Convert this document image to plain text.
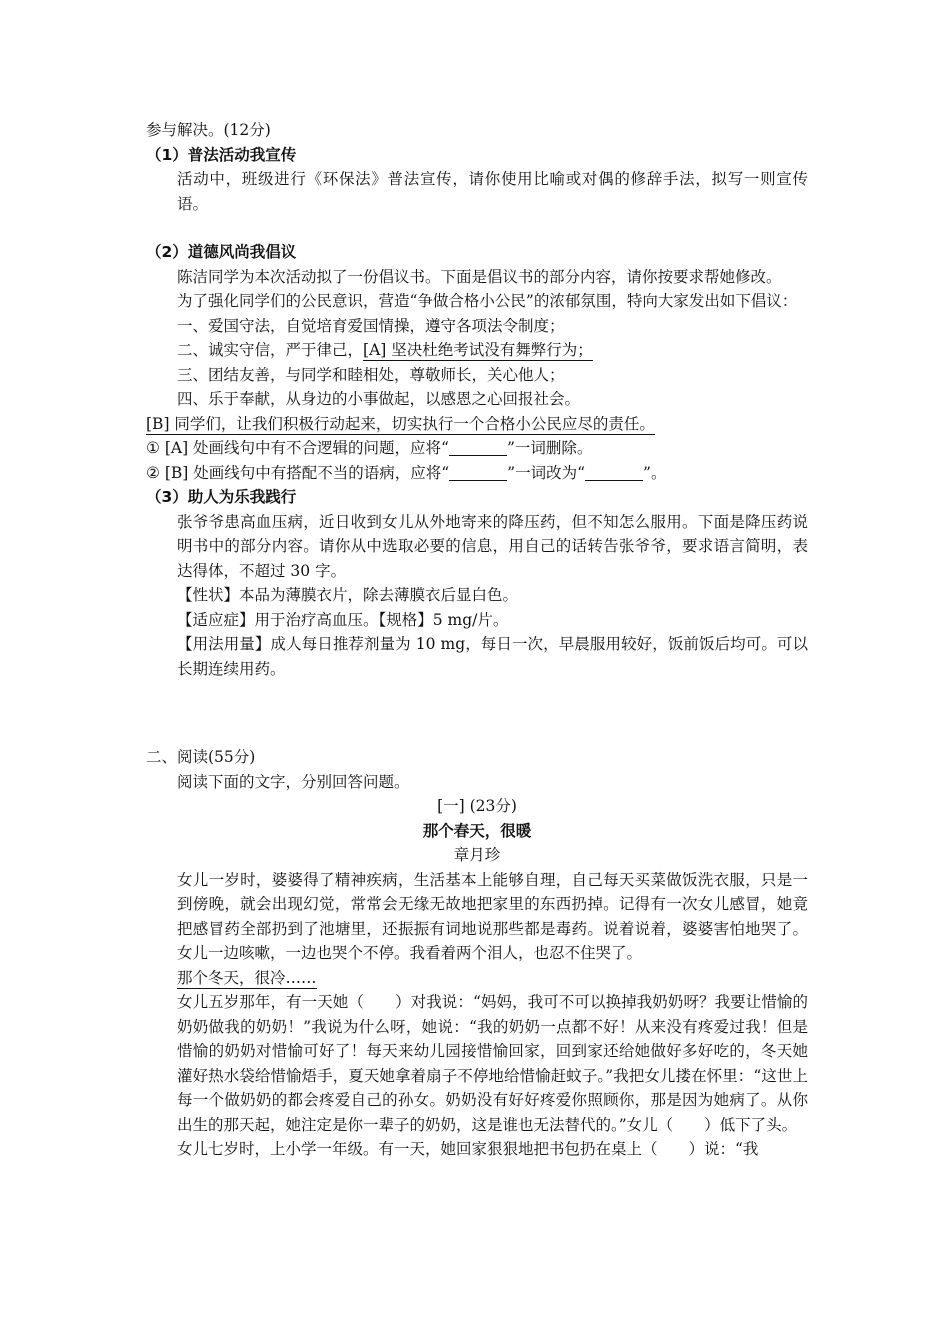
参与解决。(12分)
（1）普法活动我宣传
活动中，班级进行《环保法》普法宣传，请你使用比喻或对偶的修辞手法，拟写一则宣传语。
（2）道德风尚我倡议
陈洁同学为本次活动拟了一份倡议书。下面是倡议书的部分内容，请你按要求帮她修改。
为了强化同学们的公民意识，营造“争做合格小公民”的浓郁氛围，特向大家发出如下倡议：
一、爱国守法，自觉培育爱国情操，遵守各项法令制度；
二、诚实守信，严于律己，[A] 坚决杜绝考试没有舞弊行为；
三、团结友善，与同学和睦相处，尊敬师长，关心他人；
四、乐于奉献，从身边的小事做起，以感恩之心回报社会。
[B] 同学们，让我们积极行动起来，切实执行一个合格小公民应尽的责任。
① [A] 处画线句中有不合逻辑的问题，应将“	”一词删除。
② [B] 处画线句中有搭配不当的语病，应将“	”一词改为“	”。
（3）助人为乐我践行
张爷爷患高血压病，近日收到女儿从外地寄来的降压药，但不知怎么服用。下面是降压药说明书中的部分内容。请你从中选取必要的信息，用自己的话转告张爷爷，要求语言简明，表达得体，不超过 30 字。
【性状】本品为薄膜衣片，除去薄膜衣后显白色。
【适应症】用于治疗高血压。【规格】5 mg/片。
【用法用量】成人每日推荐剂量为 10 mg，每日一次，早晨服用较好，饭前饭后均可。可以长期连续用药。
二、阅读(55分)
阅读下面的文字，分别回答问题。
[一] (23分)
那个春天，很暖
章月珍
女儿一岁时，婆婆得了精神疾病，生活基本上能够自理，自己每天买菜做饭洗衣服，只是一到傍晚，就会出现幻觉，常常会无缘无故地把家里的东西扔掉。记得有一次女儿感冒，她竟把感冒药全部扔到了池塘里，还振振有词地说那些都是毒药。说着说着，婆婆害怕地哭了。女儿一边咳嗽，一边也哭个不停。我看着两个泪人，也忍不住哭了。
那个冬天，很冷……
女儿五岁那年，有一天她（　　）对我说：“妈妈，我可不可以换掉我奶奶呀？我要让惜愉的奶奶做我的奶奶！”我说为什么呀，她说：“我的奶奶一点都不好！从来没有疼爱过我！但是惜愉的奶奶对惜愉可好了！每天来幼儿园接惜愉回家，回到家还给她做好多好吃的，冬天她灌好热水袋给惜愉焐手，夏天她拿着扇子不停地给惜愉赶蚊子。”我把女儿搂在怀里：“这世上每一个做奶奶的都会疼爱自己的孙女。奶奶没有好好疼爱你照顾你，那是因为她病了。从你出生的那天起，她注定是你一辈子的奶奶，这是谁也无法替代的。”女儿（　　）低下了头。
女儿七岁时，上小学一年级。有一天，她回家狠狠地把书包扔在桌上（　　）说：“我
